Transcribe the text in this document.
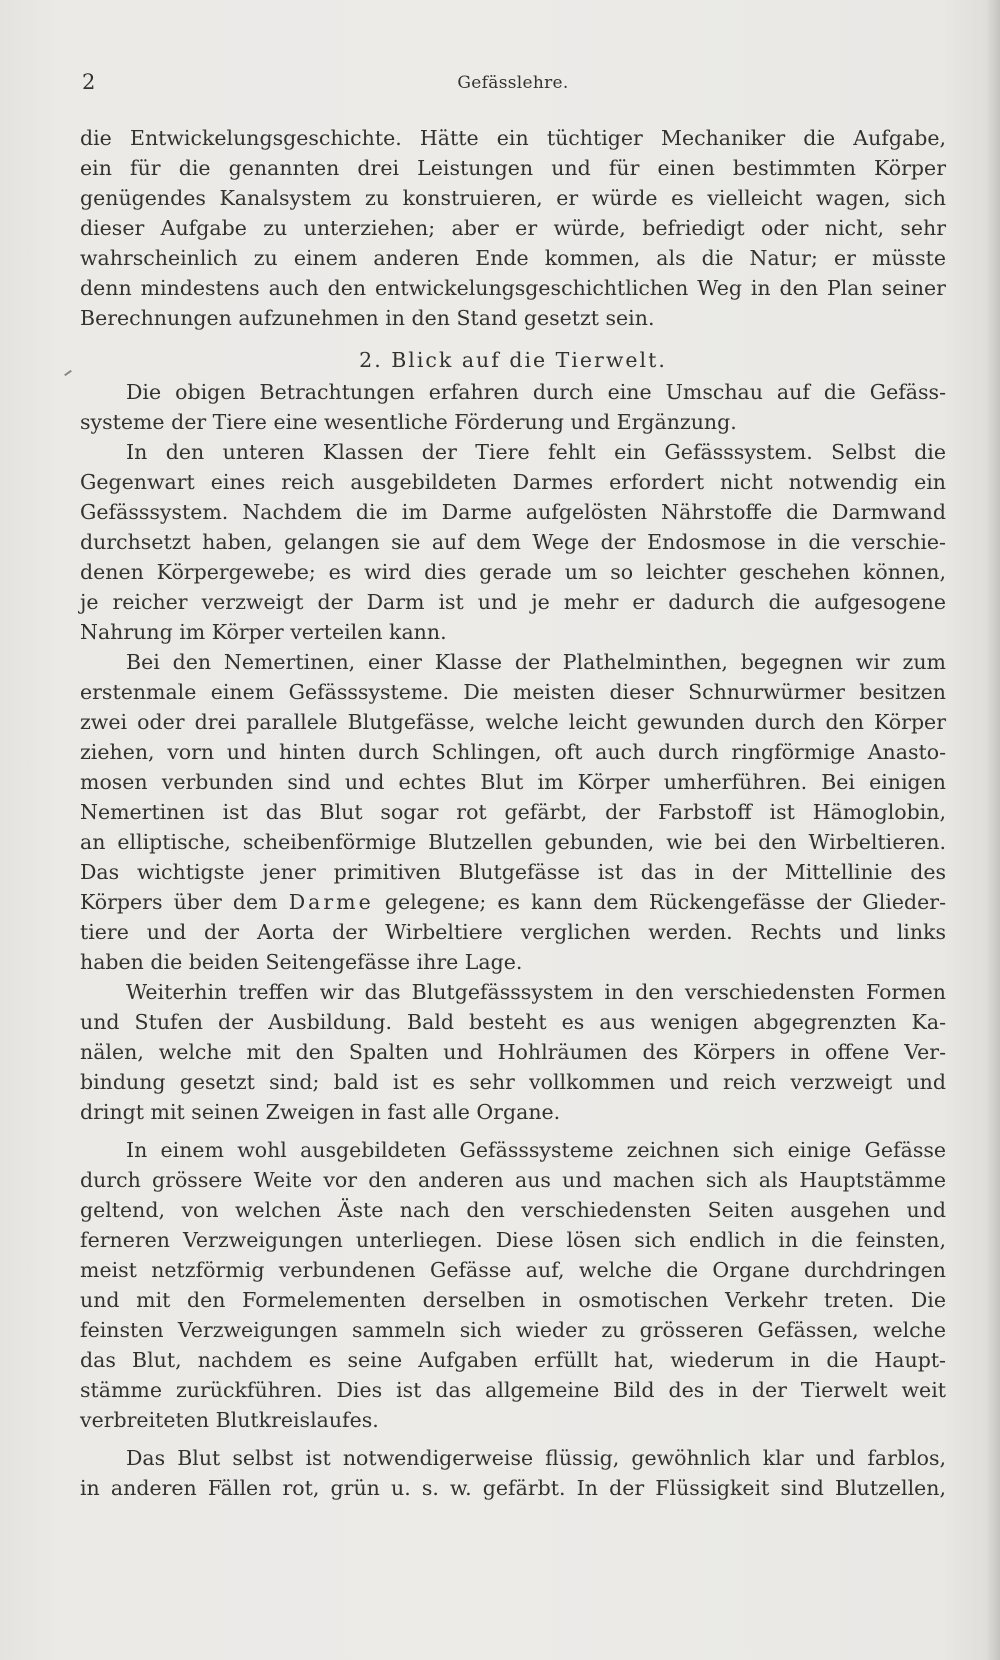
2	Gefässlehre.
die Entwickelungsgeschichte. Hätte ein tüchtiger Mechaniker die Aufgabe,
ein für die genannten drei Leistungen und für einen bestimmten Körper
genügendes Kanalsystem zu konstruieren, er würde es vielleicht wagen, sich
dieser Aufgabe zu unterziehen; aber er würde, befriedigt oder nicht, sehr
wahrscheinlich zu einem anderen Ende kommen, als die Natur; er müsste
denn mindestens auch den entwickelungsgeschichtlichen Weg in den Plan seiner
Berechnungen aufzunehmen in den Stand gesetzt sein.
2. Blick auf die Tierwelt.
Die obigen Betrachtungen erfahren durch eine Umschau auf die Gefäss-
systeme der Tiere eine wesentliche Förderung und Ergänzung.
In den unteren Klassen der Tiere fehlt ein Gefässsystem. Selbst die
Gegenwart eines reich ausgebildeten Darmes erfordert nicht notwendig ein
Gefässsystem. Nachdem die im Darme aufgelösten Nährstoffe die Darmwand
durchsetzt haben, gelangen sie auf dem Wege der Endosmose in die verschie-
denen Körpergewebe; es wird dies gerade um so leichter geschehen können,
je reicher verzweigt der Darm ist und je mehr er dadurch die aufgesogene
Nahrung im Körper verteilen kann.
Bei den Nemertinen, einer Klasse der Plathelminthen, begegnen wir zum
erstenmale einem Gefässsysteme. Die meisten dieser Schnurwürmer besitzen
zwei oder drei parallele Blutgefässe, welche leicht gewunden durch den Körper
ziehen, vorn und hinten durch Schlingen, oft auch durch ringförmige Anasto-
mosen verbunden sind und echtes Blut im Körper umherführen. Bei einigen
Nemertinen ist das Blut sogar rot gefärbt, der Farbstoff ist Hämoglobin,
an elliptische, scheibenförmige Blutzellen gebunden, wie bei den Wirbeltieren.
Das wichtigste jener primitiven Blutgefässe ist das in der Mittellinie des
Körpers über dem Darme gelegene; es kann dem Rückengefässe der Glieder-
tiere und der Aorta der Wirbeltiere verglichen werden. Rechts und links
haben die beiden Seitengefässe ihre Lage.
Weiterhin treffen wir das Blutgefässsystem in den verschiedensten Formen
und Stufen der Ausbildung. Bald besteht es aus wenigen abgegrenzten Ka-
nälen, welche mit den Spalten und Hohlräumen des Körpers in offene Ver-
bindung gesetzt sind; bald ist es sehr vollkommen und reich verzweigt und
dringt mit seinen Zweigen in fast alle Organe.
In einem wohl ausgebildeten Gefässsysteme zeichnen sich einige Gefässe
durch grössere Weite vor den anderen aus und machen sich als Hauptstämme
geltend, von welchen Äste nach den verschiedensten Seiten ausgehen und
ferneren Verzweigungen unterliegen. Diese lösen sich endlich in die feinsten,
meist netzförmig verbundenen Gefässe auf, welche die Organe durchdringen
und mit den Formelementen derselben in osmotischen Verkehr treten. Die
feinsten Verzweigungen sammeln sich wieder zu grösseren Gefässen, welche
das Blut, nachdem es seine Aufgaben erfüllt hat, wiederum in die Haupt-
stämme zurückführen. Dies ist das allgemeine Bild des in der Tierwelt weit
verbreiteten Blutkreislaufes.
Das Blut selbst ist notwendigerweise flüssig, gewöhnlich klar und farblos,
in anderen Fällen rot, grün u. s. w. gefärbt. In der Flüssigkeit sind Blutzellen,
